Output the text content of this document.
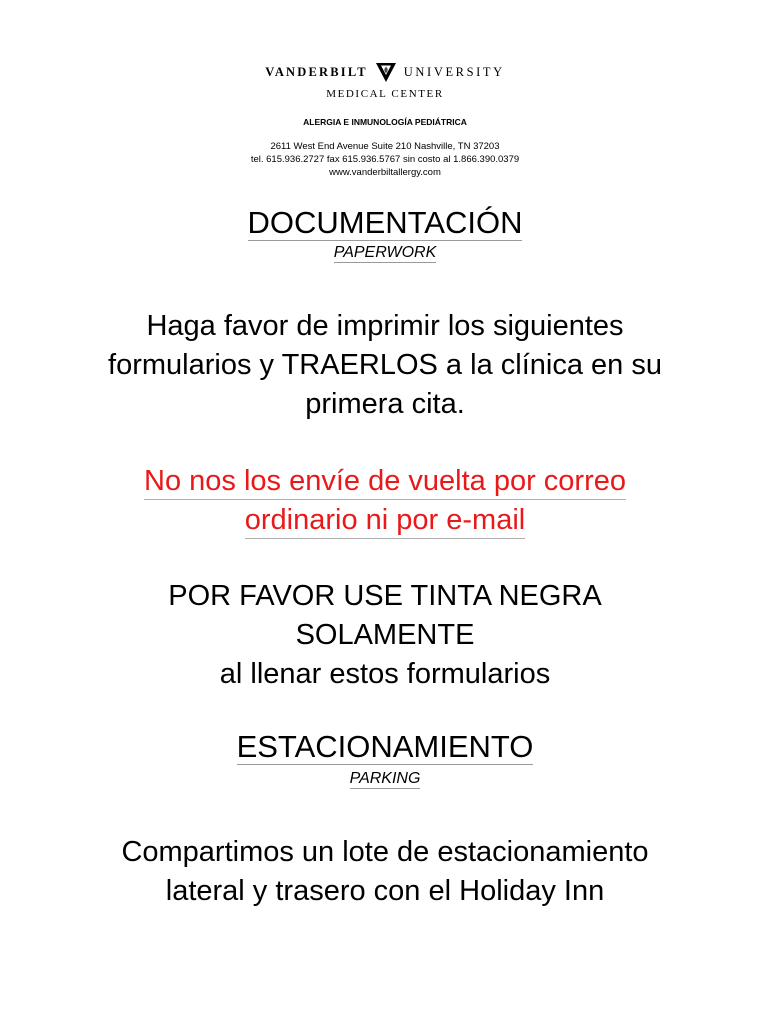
VANDERBILT	UNIVERSITY
MEDICAL CENTER
ALERGIA E INMUNOLOGÍA PEDIÁTRICA
2611 West End Avenue Suite 210 Nashville, TN 37203
tel. 615.936.2727 fax 615.936.5767 sin costo al 1.866.390.0379
www.vanderbiltallergy.com
DOCUMENTACIÓN
PAPERWORK
Haga favor de imprimir los siguientes
formularios y TRAERLOS a la clínica en su
primera cita.
No nos los envíe de vuelta por correo
ordinario ni por e-mail
POR FAVOR USE TINTA NEGRA
SOLAMENTE
al llenar estos formularios
ESTACIONAMIENTO
PARKING
Compartimos un lote de estacionamiento
lateral y trasero con el Holiday Inn
